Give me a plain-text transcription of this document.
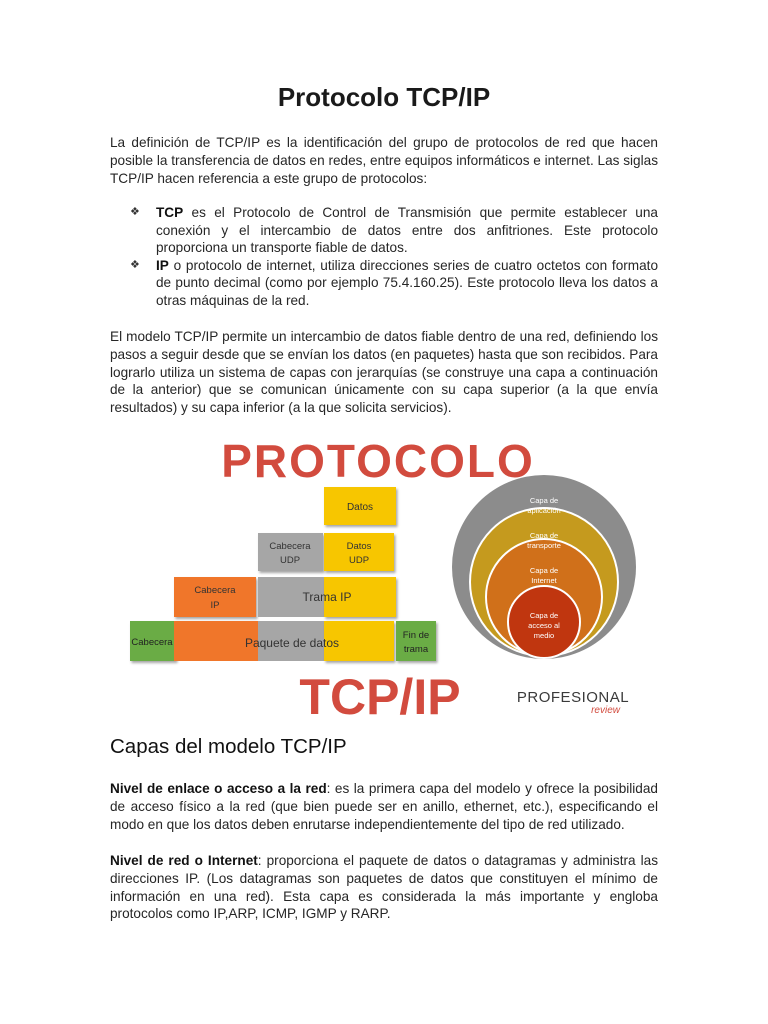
Protocolo TCP/IP

La definición de TCP/IP es la identificación del grupo de protocolos de red que hacen posible la transferencia de datos en redes, entre equipos informáticos e internet. Las siglas TCP/IP hacen referencia a este grupo de protocolos:

❖ TCP es el Protocolo de Control de Transmisión que permite establecer una conexión y el intercambio de datos entre dos anfitriones. Este protocolo proporciona un transporte fiable de datos.
❖ IP o protocolo de internet, utiliza direcciones series de cuatro octetos con formato de punto decimal (como por ejemplo 75.4.160.25). Este protocolo lleva los datos a otras máquinas de la red.

El modelo TCP/IP permite un intercambio de datos fiable dentro de una red, definiendo los pasos a seguir desde que se envían los datos (en paquetes) hasta que son recibidos. Para lograrlo utiliza un sistema de capas con jerarquías (se construye una capa a continuación de la anterior) que se comunican únicamente con su capa superior (a la que envía resultados) y su capa inferior (a la que solicita servicios).

PROTOCOLO
Datos
Cabecera
UDP
Datos
UDP
Cabecera
IP
Trama IP
Cabecera	Paquete de datos
Fin de
trama
TCP/IP
Capa de
aplicación
Capa de
transporte
Capa de
Internet
Capa de
acceso al
medio
PROFESIONAL
review
Capas del modelo TCP/IP

Nivel de enlace o acceso a la red: es la primera capa del modelo y ofrece la posibilidad de acceso físico a la red (que bien puede ser en anillo, ethernet, etc.), especificando el modo en que los datos deben enrutarse independientemente del tipo de red utilizado.

Nivel de red o Internet: proporciona el paquete de datos o datagramas y administra las direcciones IP. (Los datagramas son paquetes de datos que constituyen el mínimo de información en una red). Esta capa es considerada la más importante y engloba protocolos como IP,ARP, ICMP, IGMP y RARP.
